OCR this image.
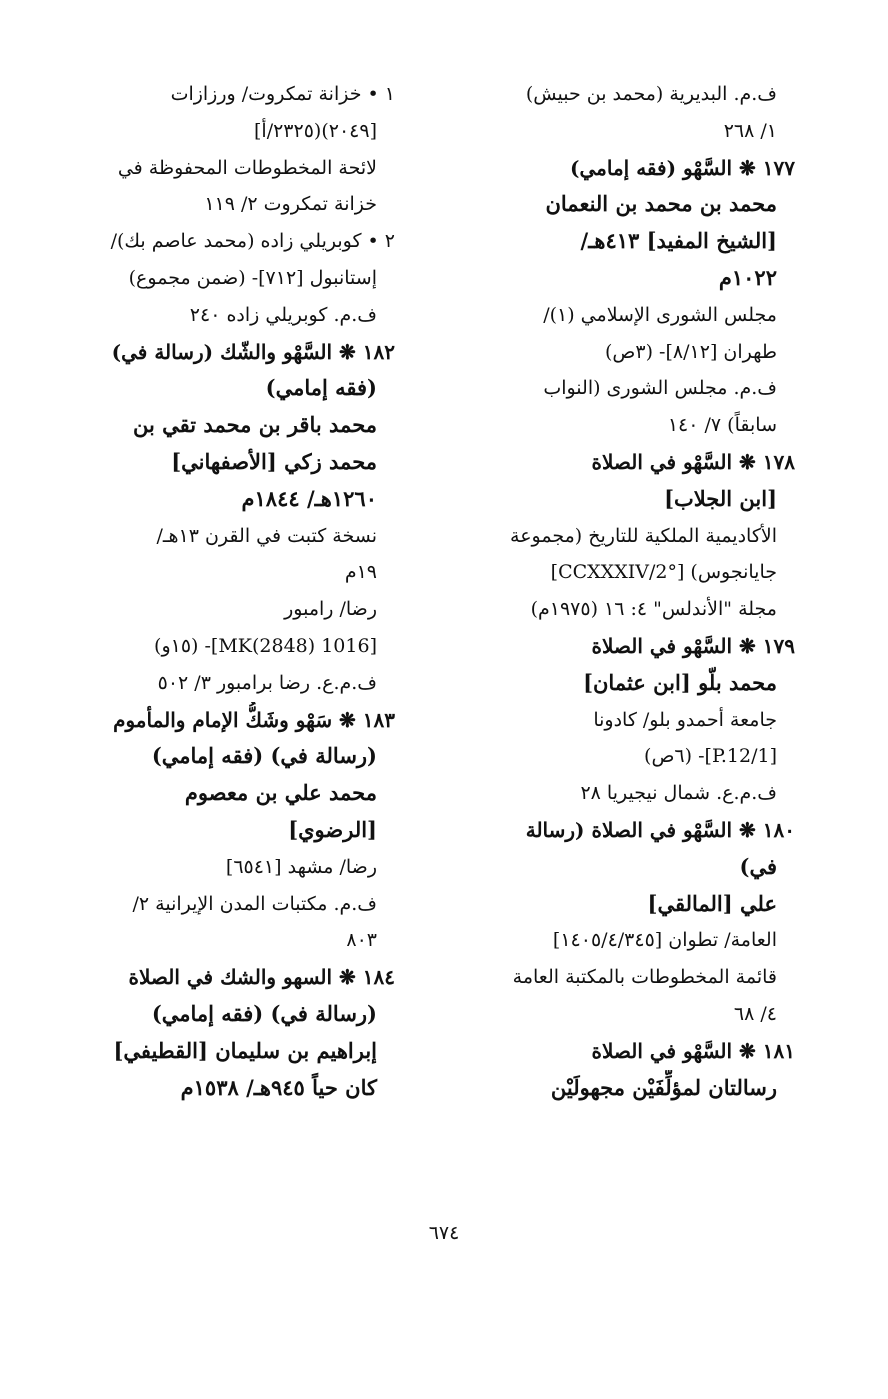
ف.م. البديرية (محمد بن حبيش)
١/ ٢٦٨
١٧٧ ❋ السَّهْو (فقه إمامي)
محمد بن محمد بن النعمان
[الشيخ المفيد] ٤١٣هـ/
١٠٢٢م
مجلس الشورى الإسلامي (١)/
طهران [٨/١٢]- (٣ص)
ف.م. مجلس الشورى (النواب
سابقاً) ٧/ ١٤٠
١٧٨ ❋ السَّهْو في الصلاة
[ابن الجلاب]
الأكاديمية الملكية للتاريخ (مجموعة
جايانجوس) [CCXXXIV/2°]
مجلة "الأندلس" ٤: ١٦ (١٩٧٥م)
١٧٩ ❋ السَّهْو في الصلاة
محمد بلّو [ابن عثمان]
جامعة أحمدو بلو/ كادونا
[P.12/1]- (٦ص)
ف.م.ع. شمال نيجيريا ٢٨
١٨٠ ❋ السَّهْو في الصلاة (رسالة
في)
علي [المالقي]
العامة/ تطوان [١٤٠٥/٤/٣٤٥]
قائمة المخطوطات بالمكتبة العامة
٤/ ٦٨
١٨١ ❋ السَّهْو في الصلاة
رسالتان لمؤلِّفَيْن مجهولَيْن
١ • خزانة تمكروت/ ورزازات
[٢٠٤٩)(٢٣٢٥/أ]
لائحة المخطوطات المحفوظة في
خزانة تمكروت ٢/ ١١٩
٢ • كوبريلي زاده (محمد عاصم بك)/
إستانبول [٧١٢]- (ضمن مجموع)
ف.م. كوبريلي زاده ٢٤٠
١٨٢ ❋ السَّهْو والشّك (رسالة في)
(فقه إمامي)
محمد باقر بن محمد تقي بن
محمد زكي [الأصفهاني]
١٢٦٠هـ/ ١٨٤٤م
نسخة كتبت في القرن ١٣هـ/
١٩م
رضا/ رامبور
[1016 MK(2848)]- (١٥و)
ف.م.ع. رضا برامبور ٣/ ٥٠٢
١٨٣ ❋ سَهْو وشَكُّ الإمام والمأموم
(رسالة في) (فقه إمامي)
محمد علي بن معصوم
[الرضوي]
رضا/ مشهد [٦٥٤١]
ف.م. مكتبات المدن الإيرانية ٢/
٨٠٣
١٨٤ ❋ السهو والشك في الصلاة
(رسالة في) (فقه إمامي)
إبراهيم بن سليمان [القطيفي]
كان حياً ٩٤٥هـ/ ١٥٣٨م
٦٧٤
